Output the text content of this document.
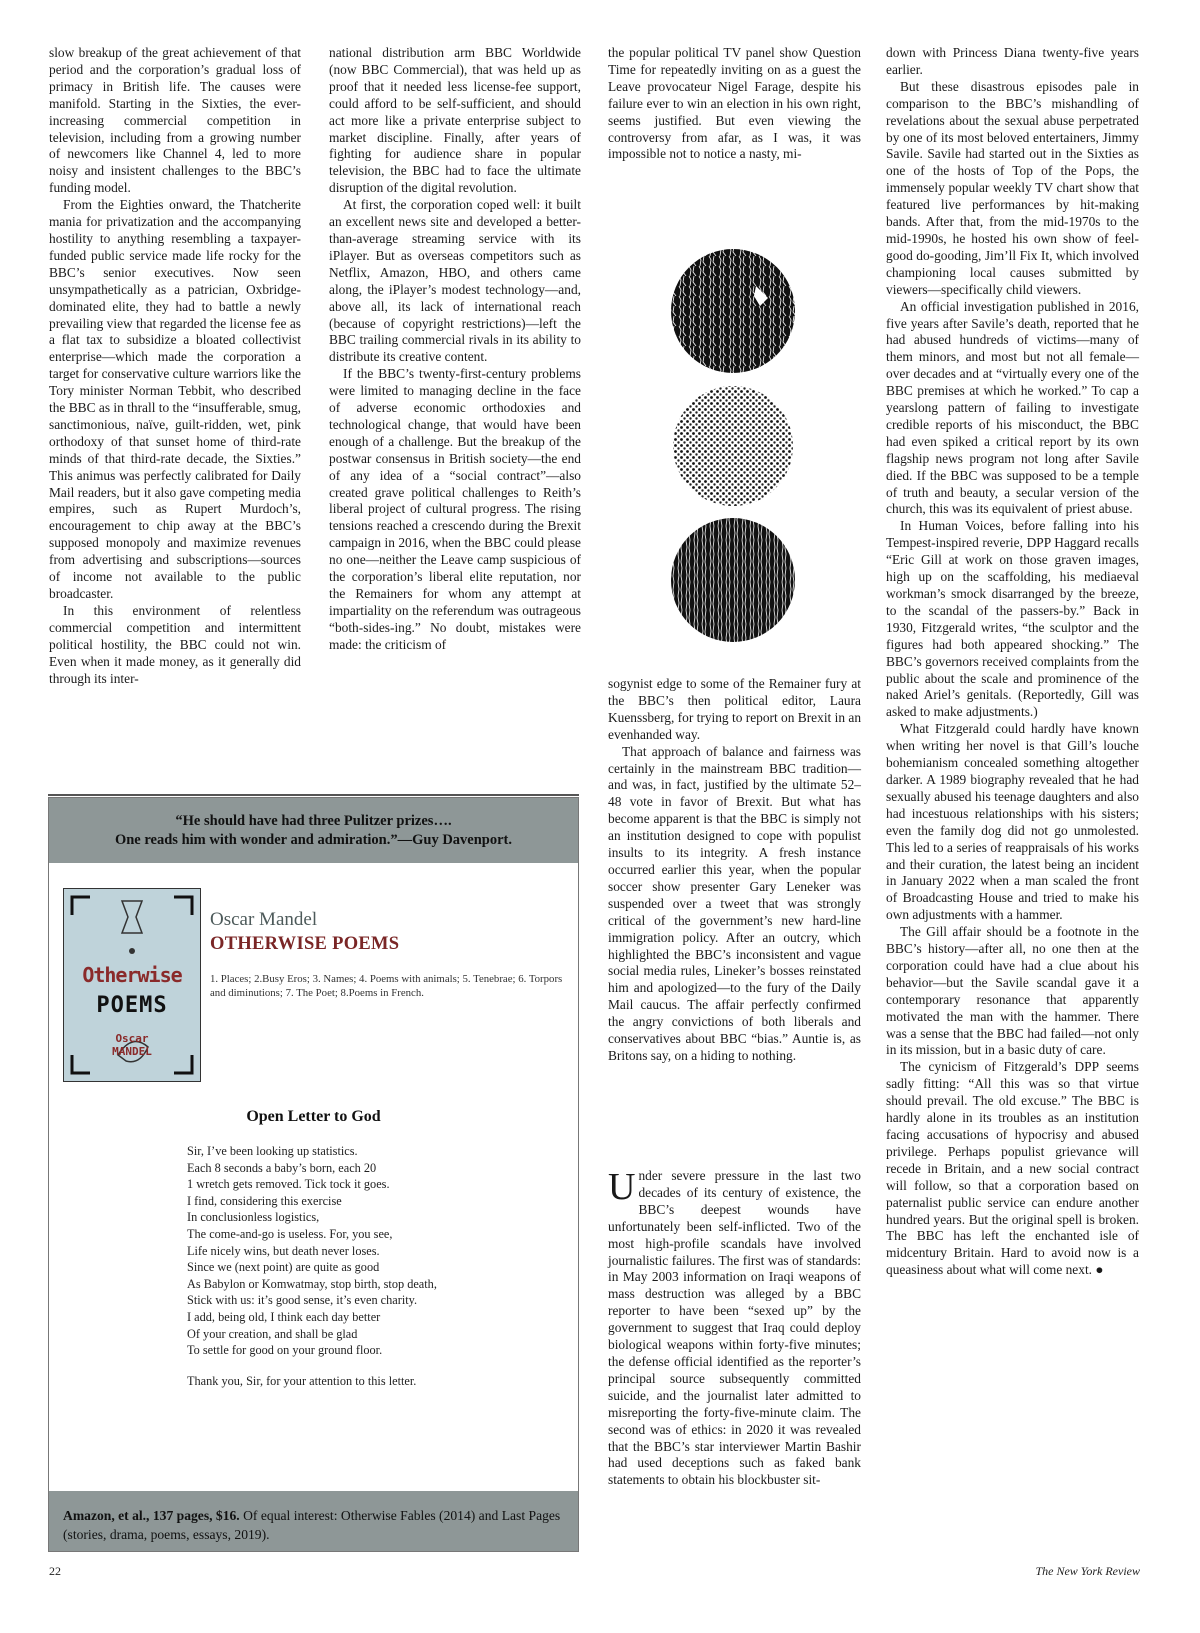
slow breakup of the great achievement of that period and the corporation’s gradual loss of primacy in British life. The causes were manifold. Starting in the Sixties, the ever-increasing commercial competition in television, including from a growing number of newcomers like Channel 4, led to more noisy and insistent challenges to the BBC’s funding model.

From the Eighties onward, the Thatcherite mania for privatization and the accompanying hostility to anything resembling a taxpayer-funded public service made life rocky for the BBC’s senior executives. Now seen unsympathetically as a patrician, Oxbridge-dominated elite, they had to battle a newly prevailing view that regarded the license fee as a flat tax to subsidize a bloated collectivist enterprise—which made the corporation a target for conservative culture warriors like the Tory minister Norman Tebbit, who described the BBC as in thrall to the “insufferable, smug, sanctimonious, naïve, guilt-ridden, wet, pink orthodoxy of that sunset home of third-rate minds of that third-rate decade, the Sixties.” This animus was perfectly calibrated for Daily Mail readers, but it also gave competing media empires, such as Rupert Murdoch’s, encouragement to chip away at the BBC’s supposed monopoly and maximize revenues from advertising and subscriptions—sources of income not available to the public broadcaster.

In this environment of relentless commercial competition and intermittent political hostility, the BBC could not win. Even when it made money, as it generally did through its inter-

national distribution arm BBC Worldwide (now BBC Commercial), that was held up as proof that it needed less license-fee support, could afford to be self-sufficient, and should act more like a private enterprise subject to market discipline. Finally, after years of fighting for audience share in popular television, the BBC had to face the ultimate disruption of the digital revolution.

At first, the corporation coped well: it built an excellent news site and developed a better-than-average streaming service with its iPlayer. But as overseas competitors such as Netflix, Amazon, HBO, and others came along, the iPlayer’s modest technology—and, above all, its lack of international reach (because of copyright restrictions)—left the BBC trailing commercial rivals in its ability to distribute its creative content.

If the BBC’s twenty-first-century problems were limited to managing decline in the face of adverse economic orthodoxies and technological change, that would have been enough of a challenge. But the breakup of the postwar consensus in British society—the end of any idea of a “social contract”—also created grave political challenges to Reith’s liberal project of cultural progress. The rising tensions reached a crescendo during the Brexit campaign in 2016, when the BBC could please no one—neither the Leave camp suspicious of the corporation’s liberal elite reputation, nor the Remainers for whom any attempt at impartiality on the referendum was outrageous “both-sides-ing.” No doubt, mistakes were made: the criticism of

the popular political TV panel show Question Time for repeatedly inviting on as a guest the Leave provocateur Nigel Farage, despite his failure ever to win an election in his own right, seems justified. But even viewing the controversy from afar, as I was, it was impossible not to notice a nasty, mi-

sogynist edge to some of the Remainer fury at the BBC’s then political editor, Laura Kuenssberg, for trying to report on Brexit in an evenhanded way.

That approach of balance and fairness was certainly in the mainstream BBC tradition—and was, in fact, justified by the ultimate 52–48 vote in favor of Brexit. But what has become apparent is that the BBC is simply not an institution designed to cope with populist insults to its integrity. A fresh instance occurred earlier this year, when the popular soccer show presenter Gary Leneker was suspended over a tweet that was strongly critical of the government’s new hard-line immigration policy. After an outcry, which highlighted the BBC’s inconsistent and vague social media rules, Lineker’s bosses reinstated him and apologized—to the fury of the Daily Mail caucus. The affair perfectly confirmed the angry convictions of both liberals and conservatives about BBC “bias.” Auntie is, as Britons say, on a hiding to nothing.

Under severe pressure in the last two decades of its century of existence, the BBC’s deepest wounds have unfortunately been self-inflicted. Two of the most high-profile scandals have involved journalistic failures. The first was of standards: in May 2003 information on Iraqi weapons of mass destruction was alleged by a BBC reporter to have been “sexed up” by the government to suggest that Iraq could deploy biological weapons within forty-five minutes; the defense official identified as the reporter’s principal source subsequently committed suicide, and the journalist later admitted to misreporting the forty-five-minute claim. The second was of ethics: in 2020 it was revealed that the BBC’s star interviewer Martin Bashir had used deceptions such as faked bank statements to obtain his blockbuster sit-

down with Princess Diana twenty-five years earlier.

But these disastrous episodes pale in comparison to the BBC’s mishandling of revelations about the sexual abuse perpetrated by one of its most beloved entertainers, Jimmy Savile. Savile had started out in the Sixties as one of the hosts of Top of the Pops, the immensely popular weekly TV chart show that featured live performances by hit-making bands. After that, from the mid-1970s to the mid-1990s, he hosted his own show of feel-good do-gooding, Jim’ll Fix It, which involved championing local causes submitted by viewers—specifically child viewers.

An official investigation published in 2016, five years after Savile’s death, reported that he had abused hundreds of victims—many of them minors, and most but not all female—over decades and at “virtually every one of the BBC premises at which he worked.” To cap a yearslong pattern of failing to investigate credible reports of his misconduct, the BBC had even spiked a critical report by its own flagship news program not long after Savile died. If the BBC was supposed to be a temple of truth and beauty, a secular version of the church, this was its equivalent of priest abuse.

In Human Voices, before falling into his Tempest-inspired reverie, DPP Haggard recalls “Eric Gill at work on those graven images, high up on the scaffolding, his mediaeval workman’s smock disarranged by the breeze, to the scandal of the passers-by.” Back in 1930, Fitzgerald writes, “the sculptor and the figures had both appeared shocking.” The BBC’s governors received complaints from the public about the scale and prominence of the naked Ariel’s genitals. (Reportedly, Gill was asked to make adjustments.)

What Fitzgerald could hardly have known when writing her novel is that Gill’s louche bohemianism concealed something altogether darker. A 1989 biography revealed that he had sexually abused his teenage daughters and also had incestuous relationships with his sisters; even the family dog did not go unmolested. This led to a series of reappraisals of his works and their curation, the latest being an incident in January 2022 when a man scaled the front of Broadcasting House and tried to make his own adjustments with a hammer.

The Gill affair should be a footnote in the BBC’s history—after all, no one then at the corporation could have had a clue about his behavior—but the Savile scandal gave it a contemporary resonance that apparently motivated the man with the hammer. There was a sense that the BBC had failed—not only in its mission, but in a basic duty of care.

The cynicism of Fitzgerald’s DPP seems sadly fitting: “All this was so that virtue should prevail. The old excuse.” The BBC is hardly alone in its troubles as an institution facing accusations of hypocrisy and abused privilege. Perhaps populist grievance will recede in Britain, and a new social contract will follow, so that a corporation based on paternalist public service can endure another hundred years. But the original spell is broken. The BBC has left the enchanted isle of midcentury Britain. Hard to avoid now is a queasiness about what will come next. ●

“He should have had three Pulitzer prizes….
One reads him with wonder and admiration.”—Guy Davenport.
Otherwise
POEMS
Oscar
MANDEL
Oscar Mandel
OTHERWISE POEMS
1. Places; 2.Busy Eros; 3. Names; 4. Poems with animals; 5. Tenebrae; 6. Torpors and diminutions; 7. The Poet; 8.Poems in French.
Open Letter to God
Sir, I’ve been looking up statistics.
Each 8 seconds a baby’s born, each 20
1 wretch gets removed. Tick tock it goes.
I find, considering this exercise
In conclusionless logistics,
The come-and-go is useless. For, you see,
Life nicely wins, but death never loses.
Since we (next point) are quite as good
As Babylon or Komwatmay, stop birth, stop death,
Stick with us: it’s good sense, it’s even charity.
I add, being old, I think each day better
Of your creation, and shall be glad
To settle for good on your ground floor.
Thank you, Sir, for your attention to this letter.
Amazon, et al., 137 pages, $16. Of equal interest: Otherwise Fables (2014) and Last Pages (stories, drama, poems, essays, 2019).
22	The New York Review
